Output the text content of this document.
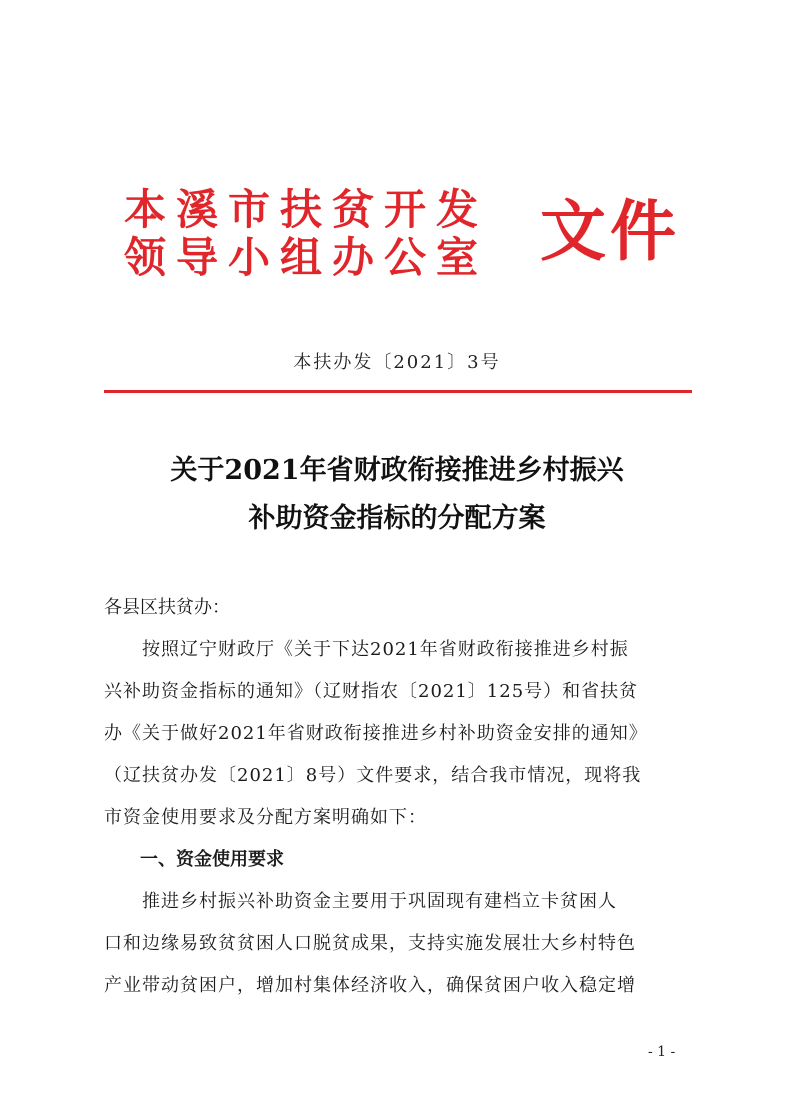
本溪市扶贫开发
领导小组办公室 文件
本扶办发〔2021〕3号
关于2021年省财政衔接推进乡村振兴
补助资金指标的分配方案
各县区扶贫办：
　　按照辽宁财政厅《关于下达2021年省财政衔接推进乡村振
兴补助资金指标的通知》（辽财指农〔2021〕125号）和省扶贫
办《关于做好2021年省财政衔接推进乡村补助资金安排的通知》
（辽扶贫办发〔2021〕8号）文件要求，结合我市情况，现将我
市资金使用要求及分配方案明确如下：
　　一、资金使用要求
　　推进乡村振兴补助资金主要用于巩固现有建档立卡贫困人
口和边缘易致贫贫困人口脱贫成果，支持实施发展壮大乡村特色
产业带动贫困户，增加村集体经济收入，确保贫困户收入稳定增
- 1 -
